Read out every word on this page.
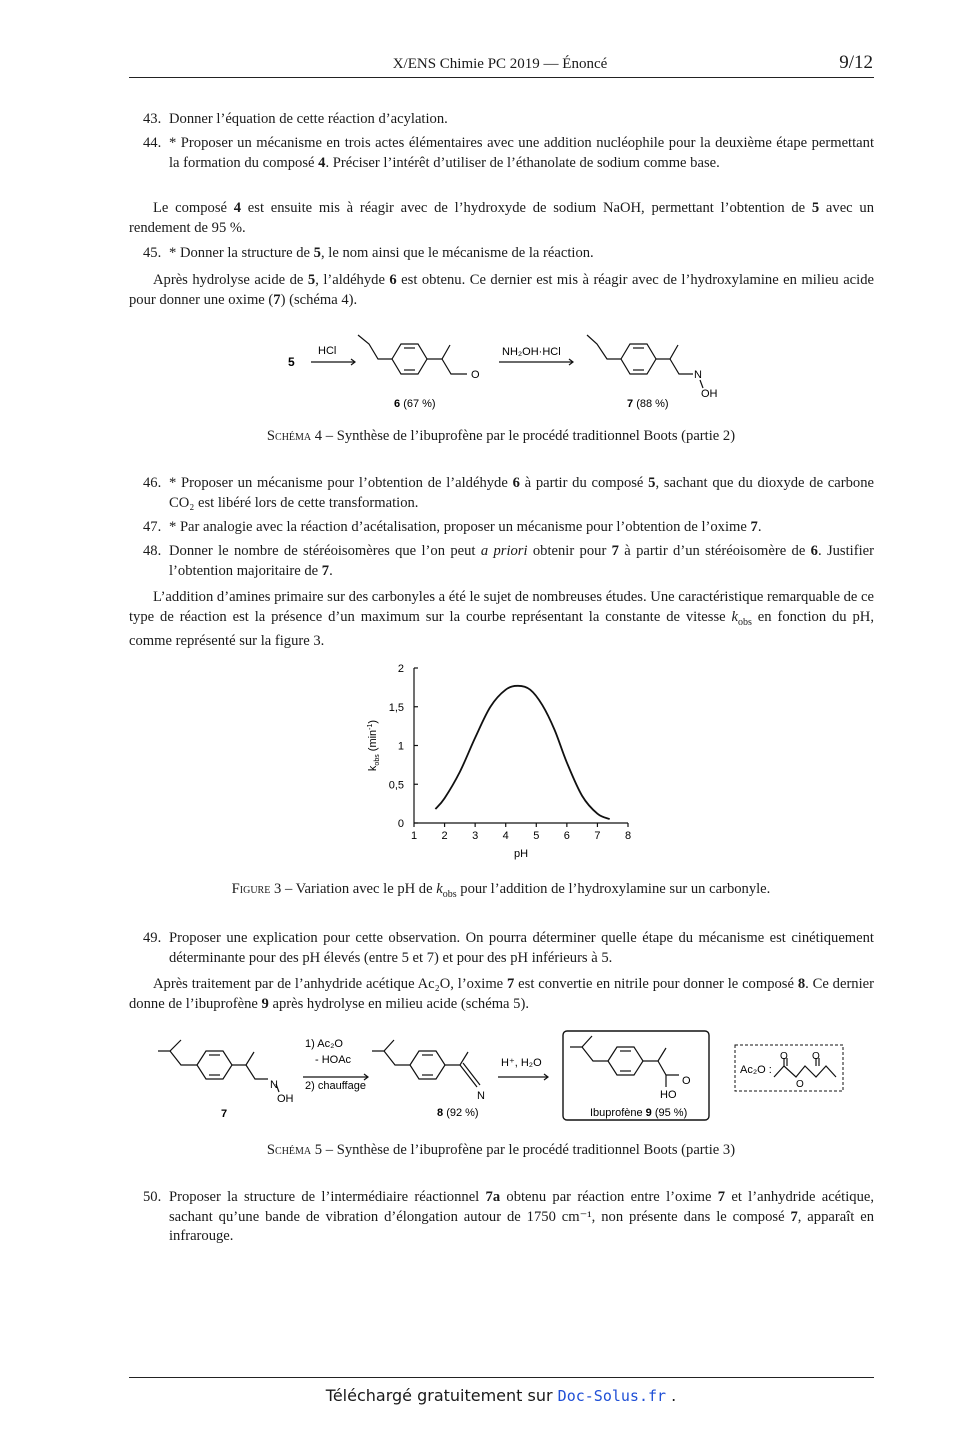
X/ENS Chimie PC 2019 — Énoncé	9/12
43. Donner l’équation de cette réaction d’acylation.
44. * Proposer un mécanisme en trois actes élémentaires avec une addition nucléophile pour la deuxième étape permettant la formation du composé 4. Préciser l’intérêt d’utiliser de l’éthanolate de sodium comme base.
Le composé 4 est ensuite mis à réagir avec de l’hydroxyde de sodium NaOH, permettant l’obtention de 5 avec un rendement de 95 %.
45. * Donner la structure de 5, le nom ainsi que le mécanisme de la réaction.
Après hydrolyse acide de 5, l’aldéhyde 6 est obtenu. Ce dernier est mis à réagir avec de l’hydroxylamine en milieu acide pour donner une oxime (7) (schéma 4).
5
HCl
O
NH₂OH·HCl
N
OH
6 (67 %)	7 (88 %)
Schéma 4 – Synthèse de l’ibuprofène par le procédé traditionnel Boots (partie 2)
46. * Proposer un mécanisme pour l’obtention de l’aldéhyde 6 à partir du composé 5, sachant que du dioxyde de carbone CO₂ est libéré lors de cette transformation.
47. * Par analogie avec la réaction d’acétalisation, proposer un mécanisme pour l’obtention de l’oxime 7.
48. Donner le nombre de stéréoisomères que l’on peut a priori obtenir pour 7 à partir d’un stéréoisomère de 6. Justifier l’obtention majoritaire de 7.
L’addition d’amines primaire sur des carbonyles a été le sujet de nombreuses études. Une caractéristique remarquable de ce type de réaction est la présence d’un maximum sur la courbe représentant la constante de vitesse $k_{obs}$ en fonction du pH, comme représenté sur la figure 3.
1 2 3 4 5 6 7 8
0
0,5
1
1,5
2
pH
$k_{obs}$ $(\min^{-1})$
Figure 3 – Variation avec le pH de $k_{obs}$ pour l’addition de l’hydroxylamine sur un carbonyle.
49. Proposer une explication pour cette observation. On pourra déterminer quelle étape du mécanisme est cinétiquement déterminante pour des pH élevés (entre 5 et 7) et pour des pH inférieurs à 5.
Après traitement par de l’anhydride acétique Ac₂O, l’oxime 7 est convertie en nitrile pour donner le composé 8. Ce dernier donne de l’ibuprofène 9 après hydrolyse en milieu acide (schéma 5).
7
N
OH
1) Ac₂O
- HOAc
2) chauffage
N
8 (92 %)
H⁺, H₂O
O
HO
Ibuprofène 9 (95 %)
Ac₂O :
O O
O
Schéma 5 – Synthèse de l’ibuprofène par le procédé traditionnel Boots (partie 3)
50. Proposer la structure de l’intermédiaire réactionnel 7a obtenu par réaction entre l’oxime 7 et l’anhydride acétique, sachant qu’une bande de vibration d’élongation autour de 1750 cm⁻¹, non présente dans le composé 7, apparaît en infrarouge.
Téléchargé gratuitement sur Doc-Solus.fr .
